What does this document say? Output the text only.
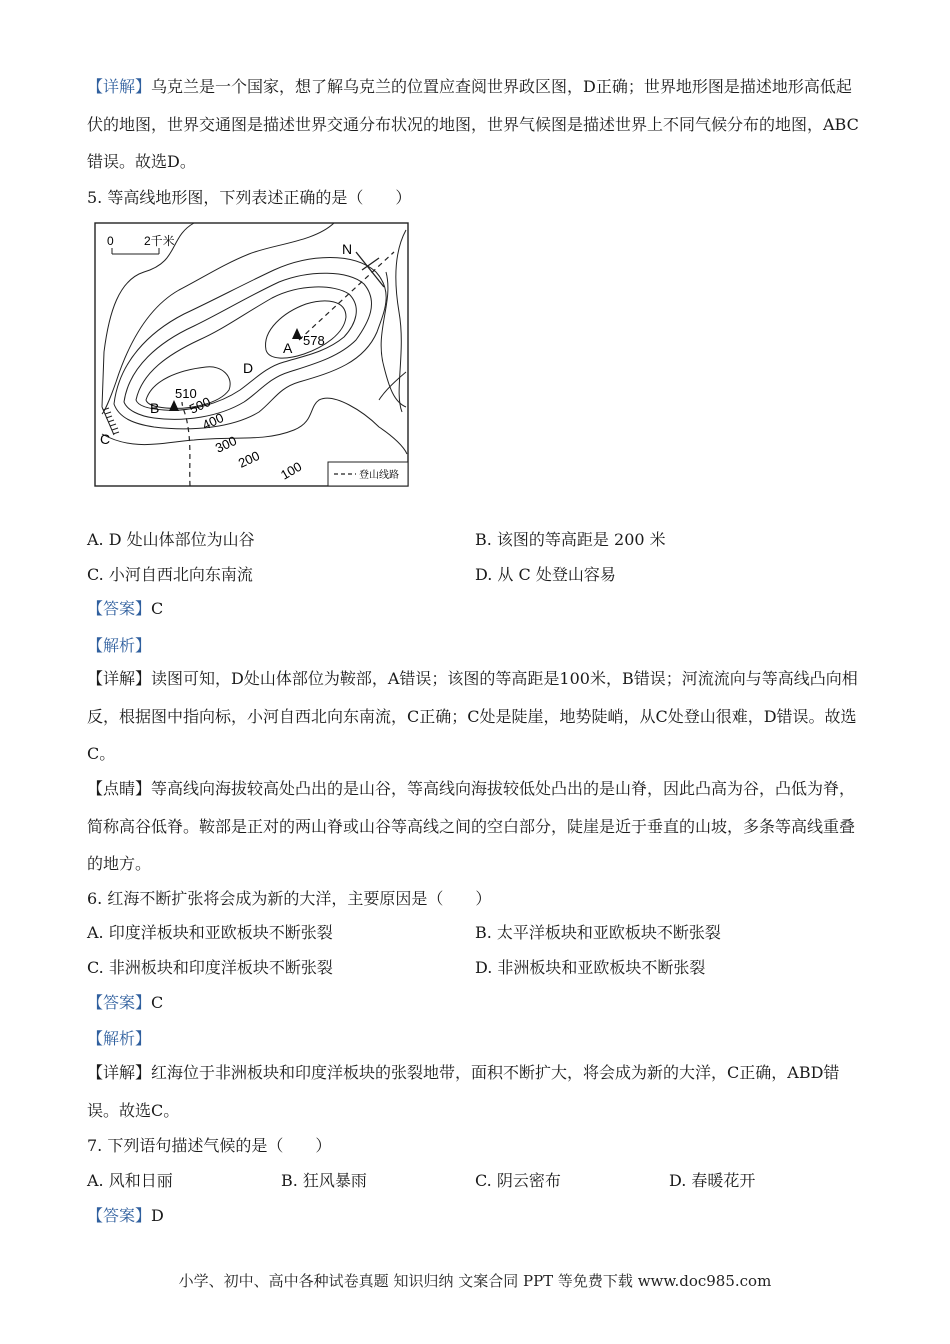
【详解】乌克兰是一个国家，想了解乌克兰的位置应查阅世界政区图，D正确；世界地形图是描述地形高低起伏的地图，世界交通图是描述世界交通分布状况的地图，世界气候图是描述世界上不同气候分布的地图，ABC错误。故选D。
5. 等高线地形图，下列表述正确的是（　　）
0	2千米	N
A 578
B
510
C
D
500
400
300
200 100	登山线路
A. D 处山体部位为山谷	B. 该图的等高距是 200 米
C. 小河自西北向东南流	D. 从 C 处登山容易
【答案】C
【解析】
【详解】读图可知，D处山体部位为鞍部，A错误；该图的等高距是100米，B错误；河流流向与等高线凸向相反，根据图中指向标，小河自西北向东南流，C正确；C处是陡崖，地势陡峭，从C处登山很难，D错误。故选C。
【点睛】等高线向海拔较高处凸出的是山谷，等高线向海拔较低处凸出的是山脊，因此凸高为谷，凸低为脊，简称高谷低脊。鞍部是正对的两山脊或山谷等高线之间的空白部分，陡崖是近于垂直的山坡，多条等高线重叠的地方。
6. 红海不断扩张将会成为新的大洋，主要原因是（　　）
A. 印度洋板块和亚欧板块不断张裂	B. 太平洋板块和亚欧板块不断张裂
C. 非洲板块和印度洋板块不断张裂	D. 非洲板块和亚欧板块不断张裂
【答案】C
【解析】
【详解】红海位于非洲板块和印度洋板块的张裂地带，面积不断扩大，将会成为新的大洋，C正确，ABD错误。故选C。
7. 下列语句描述气候的是（　　）
A. 风和日丽	B. 狂风暴雨	C. 阴云密布	D. 春暖花开
【答案】D
小学、初中、高中各种试卷真题 知识归纳 文案合同 PPT 等免费下载 www.doc985.com
